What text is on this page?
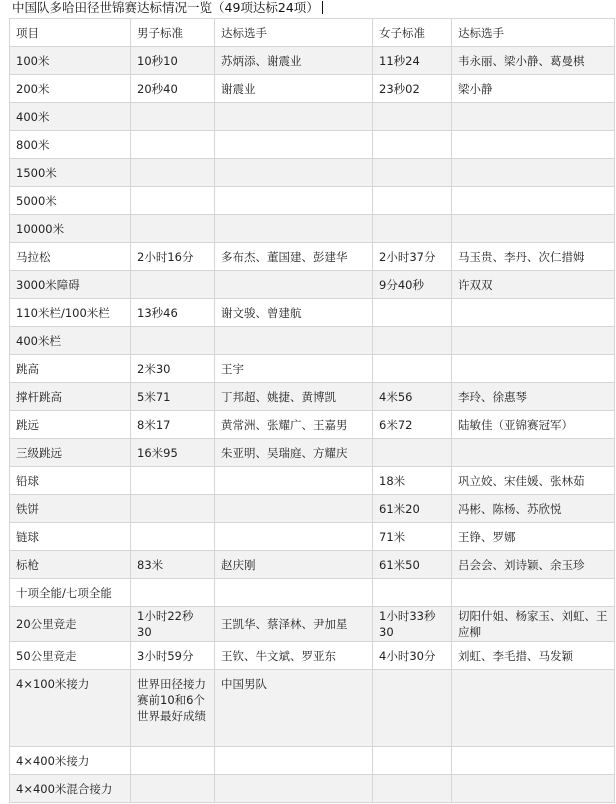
中国队多哈田径世锦赛达标情况一览（49项达标24项）
项目	男子标准	达标选手	女子标准	达标选手
100米	10秒10	苏炳添、谢震业	11秒24	韦永丽、梁小静、葛曼棋
200米	20秒40	谢震业	23秒02	梁小静
400米				
800米				
1500米				
5000米				
10000米				
马拉松	2小时16分	多布杰、董国建、彭建华	2小时37分	马玉贵、李丹、次仁措姆
3000米障碍			9分40秒	许双双
110米栏/100米栏	13秒46	谢文骏、曾建航		
400米栏				
跳高	2米30	王宇		
撑杆跳高	5米71	丁邦超、姚捷、黄博凯	4米56	李玲、徐惠琴
跳远	8米17	黄常洲、张耀广、王嘉男	6米72	陆敏佳（亚锦赛冠军）
三级跳远	16米95	朱亚明、吴瑞庭、方耀庆		
铅球			18米	巩立姣、宋佳媛、张林茹
铁饼			61米20	冯彬、陈杨、苏欣悦
链球			71米	王铮、罗娜
标枪	83米	赵庆刚	61米50	吕会会、刘诗颖、余玉珍
十项全能/七项全能				
20公里竞走	1小时22秒30	王凯华、蔡泽林、尹加星	1小时33秒30	切阳什姐、杨家玉、刘虹、王应柳
50公里竞走	3小时59分	王钦、牛文斌、罗亚东	4小时30分	刘虹、李毛措、马发颖
4×100米接力	世界田径接力赛前10和6个世界最好成绩	中国男队		
4×400米接力				
4×400米混合接力				
